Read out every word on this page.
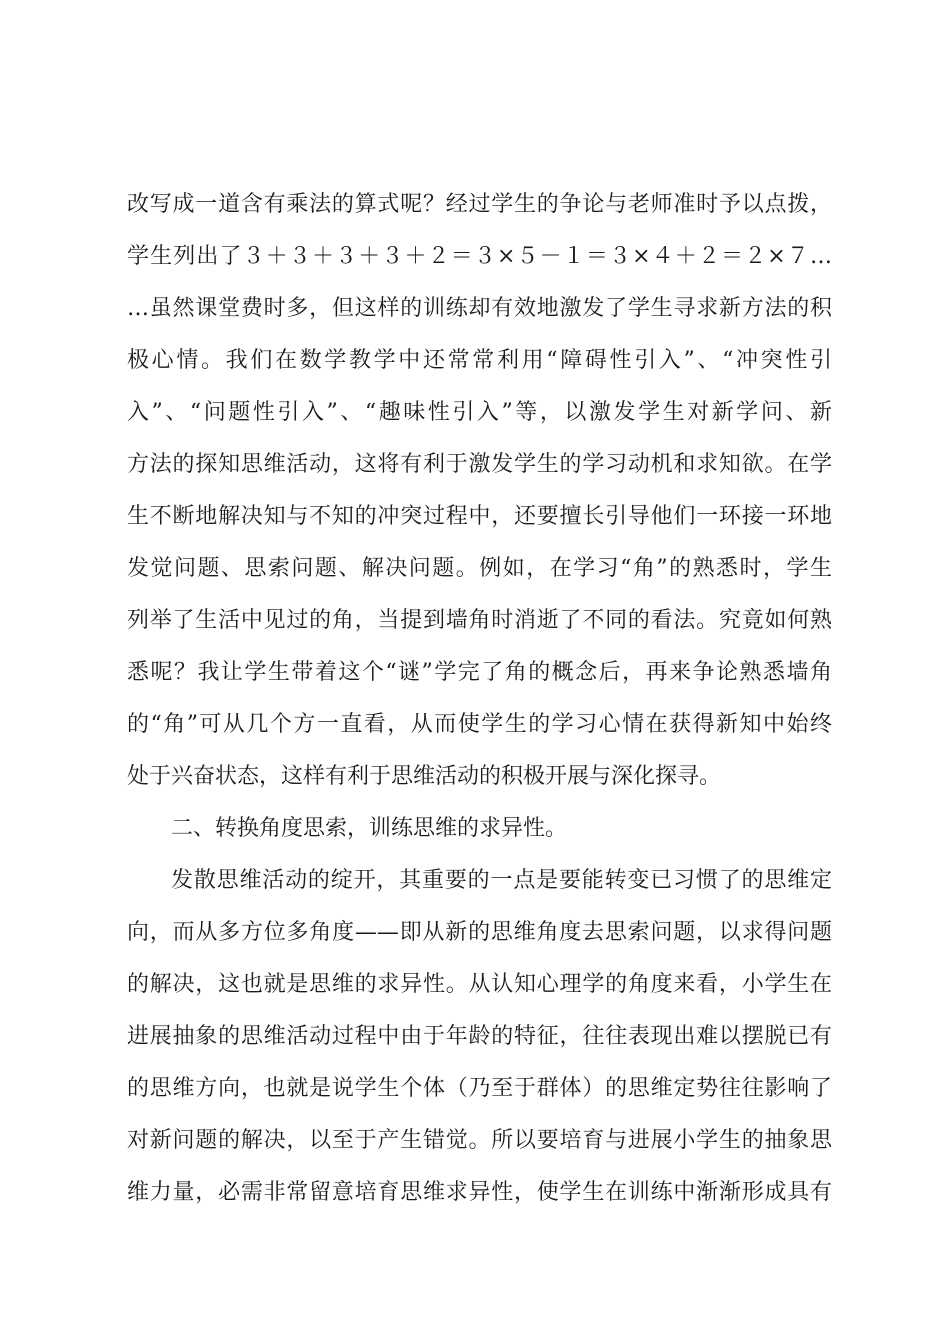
改写成一道含有乘法的算式呢？经过学生的争论与老师准时予以点拨，
学生列出了３＋３＋３＋３＋２＝３×５－１＝３×４＋２＝２×７…
…虽然课堂费时多，但这样的训练却有效地激发了学生寻求新方法的积
极心情。我们在数学教学中还常常利用“障碍性引入”、“冲突性引
入”、“问题性引入”、“趣味性引入”等，以激发学生对新学问、新
方法的探知思维活动，这将有利于激发学生的学习动机和求知欲。在学
生不断地解决知与不知的冲突过程中，还要擅长引导他们一环接一环地
发觉问题、思索问题、解决问题。例如，在学习“角”的熟悉时，学生
列举了生活中见过的角，当提到墙角时消逝了不同的看法。究竟如何熟
悉呢？我让学生带着这个“谜”学完了角的概念后，再来争论熟悉墙角
的“角”可从几个方一直看，从而使学生的学习心情在获得新知中始终
处于兴奋状态，这样有利于思维活动的积极开展与深化探寻。
二、转换角度思索，训练思维的求异性。
发散思维活动的绽开，其重要的一点是要能转变已习惯了的思维定
向，而从多方位多角度——即从新的思维角度去思索问题，以求得问题
的解决，这也就是思维的求异性。从认知心理学的角度来看，小学生在
进展抽象的思维活动过程中由于年龄的特征，往往表现出难以摆脱已有
的思维方向，也就是说学生个体（乃至于群体）的思维定势往往影响了
对新问题的解决，以至于产生错觉。所以要培育与进展小学生的抽象思
维力量，必需非常留意培育思维求异性，使学生在训练中渐渐形成具有
